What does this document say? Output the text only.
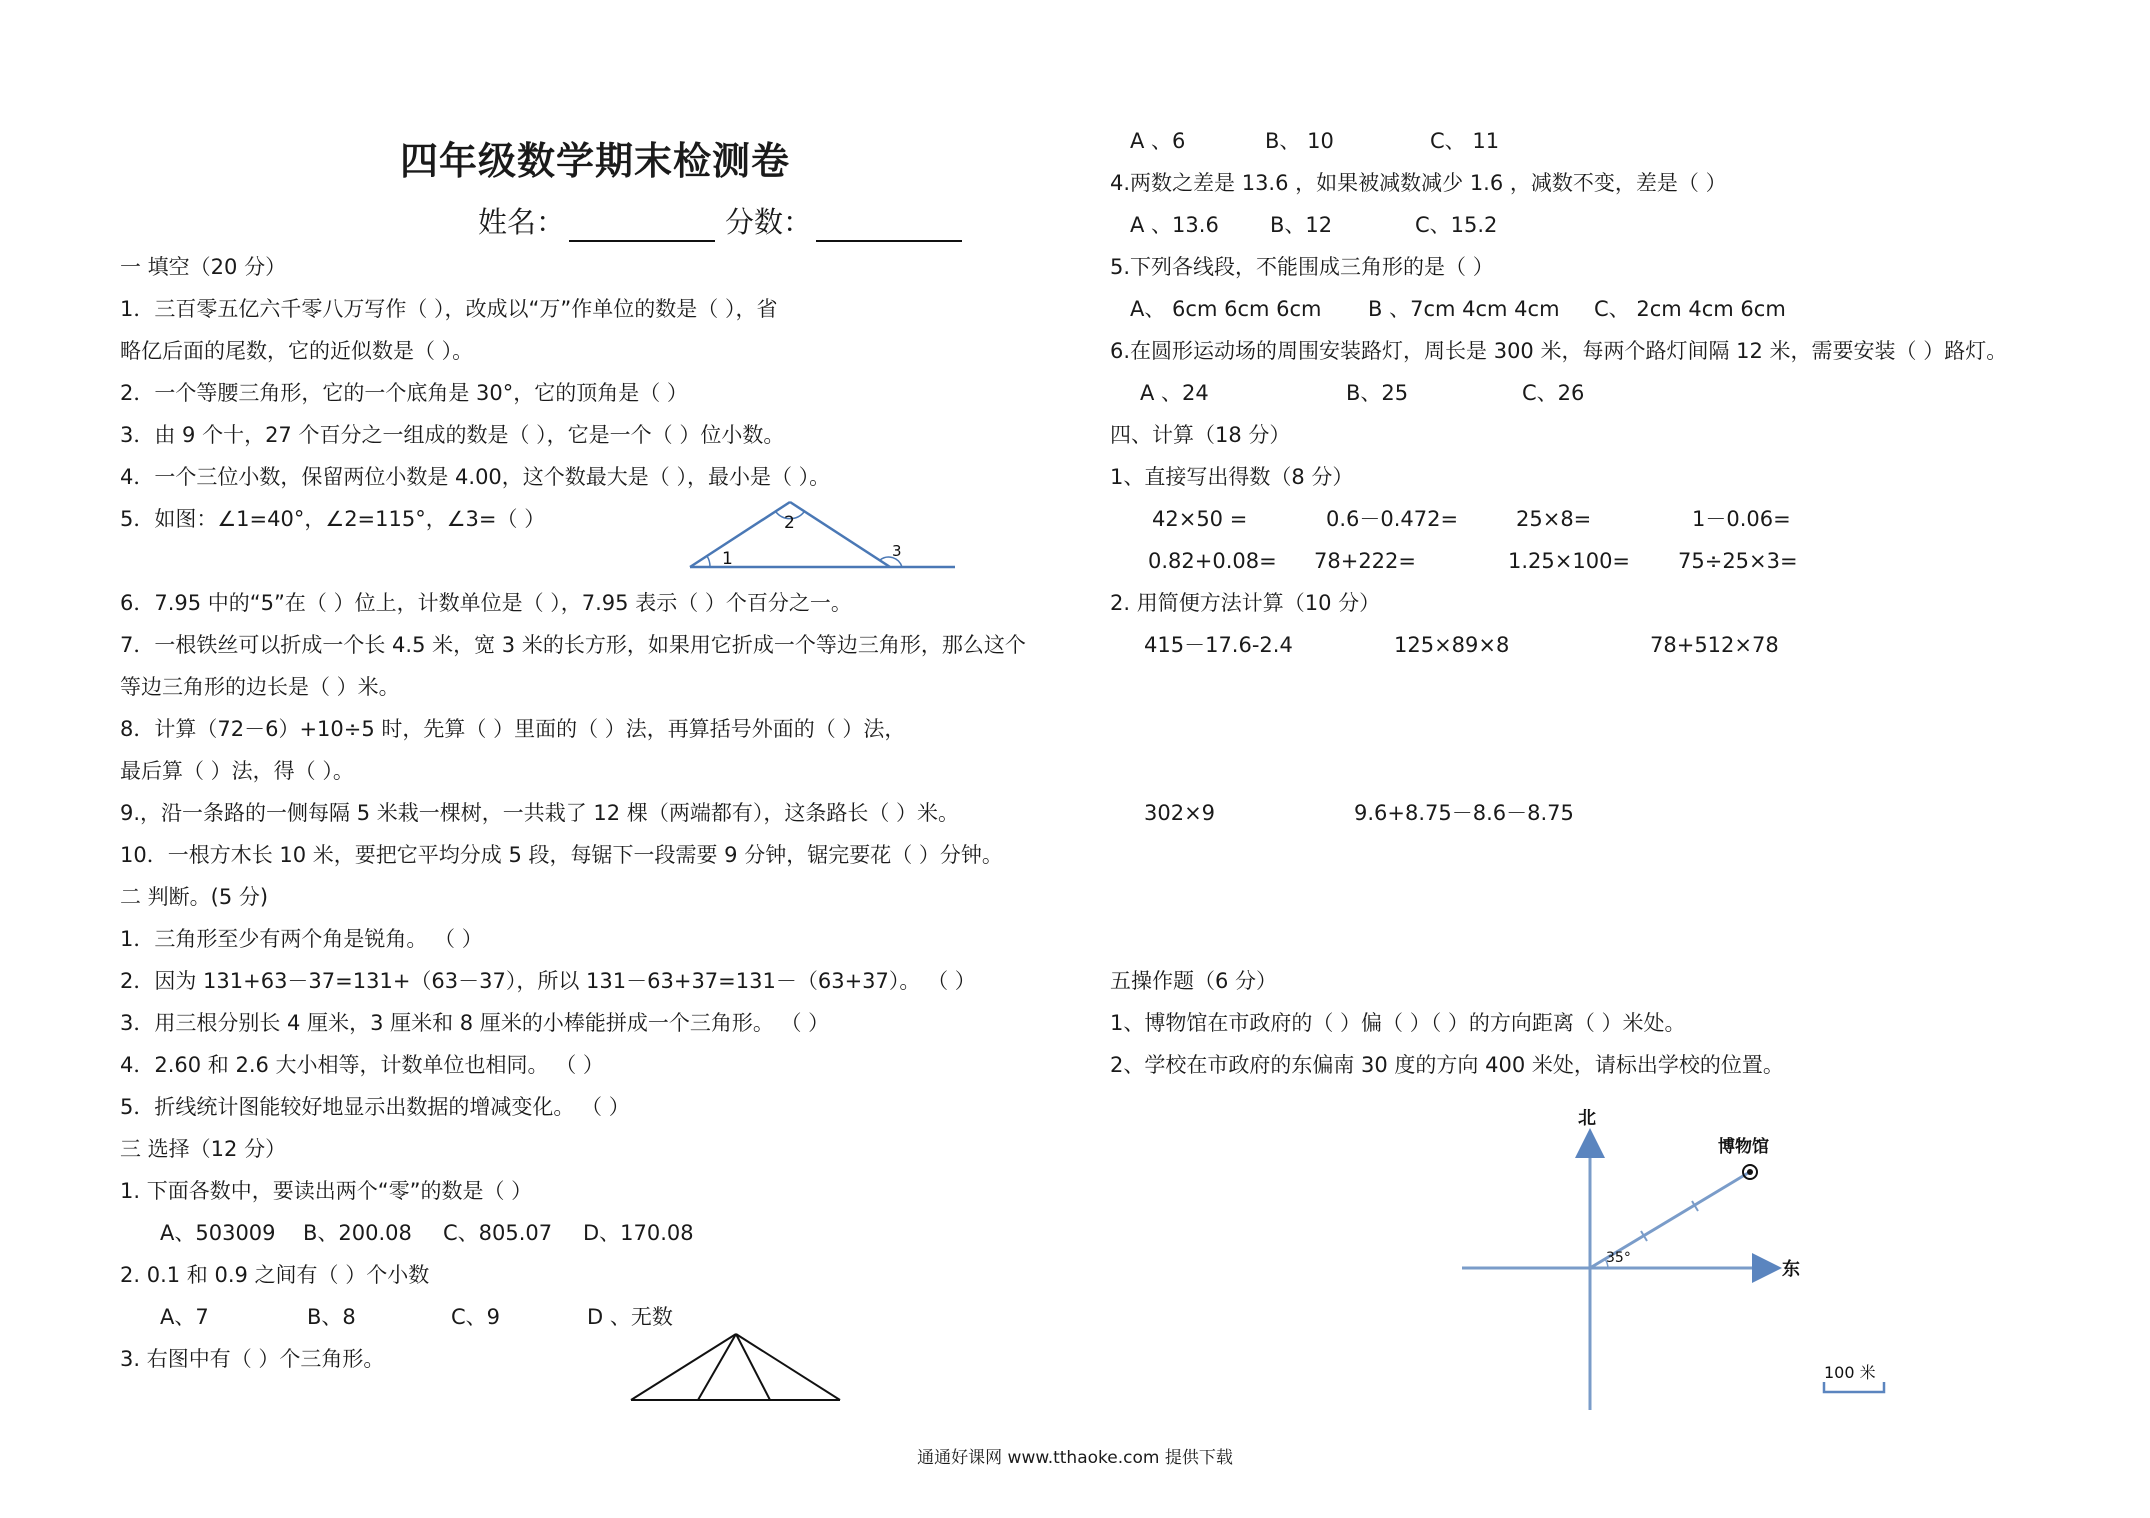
四年级数学期末检测卷
姓名：	分数：
一 填空（20 分）
1．三百零五亿六千零八万写作（ ），改成以“万”作单位的数是（ ），省
略亿后面的尾数，它的近似数是（ ）。
2．一个等腰三角形，它的一个底角是 30°，它的顶角是（ ）
3．由 9 个十，27 个百分之一组成的数是（ ），它是一个（ ）位小数。
4．一个三位小数，保留两位小数是 4.00，这个数最大是（ ），最小是（ ）。
5．如图：∠1=40°，∠2=115°，∠3=（ ）
1
2
3
6．7.95 中的“5”在（ ）位上，计数单位是（ ），7.95 表示（ ）个百分之一。
7．一根铁丝可以折成一个长 4.5 米，宽 3 米的长方形，如果用它折成一个等边三角形，那么这个
等边三角形的边长是（ ）米。
8．计算（72－6）+10÷5 时，先算（ ）里面的（ ）法，再算括号外面的（ ）法，
最后算（ ）法，得（ ）。
9.，沿一条路的一侧每隔 5 米栽一棵树，一共栽了 12 棵（两端都有），这条路长（ ）米。
10．一根方木长 10 米，要把它平均分成 5 段，每锯下一段需要 9 分钟，锯完要花（ ）分钟。
二 判断。(5 分)
1．三角形至少有两个角是锐角。 （ ）
2．因为 131+63－37=131+（63－37），所以 131－63+37=131－（63+37）。 （ ）
3．用三根分别长 4 厘米，3 厘米和 8 厘米的小棒能拼成一个三角形。 （ ）
4．2.60 和 2.6 大小相等，计数单位也相同。 （ ）
5．折线统计图能较好地显示出数据的增减变化。 （ ）
三 选择（12 分）
1. 下面各数中，要读出两个“零”的数是（ ）
A、503009 B、200.08 C、805.07 D、170.08
2. 0.1 和 0.9 之间有（ ）个小数
A、7	B、8	C、9	D 、无数
3. 右图中有（ ）个三角形。
A 、6	B、 10	C、 11
4.两数之差是 13.6 ，如果被减数减少 1.6 ，减数不变，差是（ ）
A 、13.6 B、12	C、15.2
5.下列各线段，不能围成三角形的是（ ）
A、 6cm 6cm 6cm B 、7cm 4cm 4cm C、 2cm 4cm 6cm
6.在圆形运动场的周围安装路灯，周长是 300 米，每两个路灯间隔 12 米，需要安装（ ）路灯。
A 、24	B、25	C、26
四、计算（18 分）
1、直接写出得数（8 分）
42×50 =	0.6－0.472=	25×8=	1－0.06=
0.82+0.08= 78+222=	1.25×100= 75÷25×3=
2. 用简便方法计算（10 分）
415－17.6-2.4	125×89×8	78+512×78
302×9	9.6+8.75－8.6－8.75
五操作题（6 分）
1、博物馆在市政府的（ ）偏（ ）（ ）的方向距离（ ）米处。
2、学校在市政府的东偏南 30 度的方向 400 米处，请标出学校的位置。
北
东
博物馆
35°
100 米
通通好课网 www.tthaoke.com 提供下载
